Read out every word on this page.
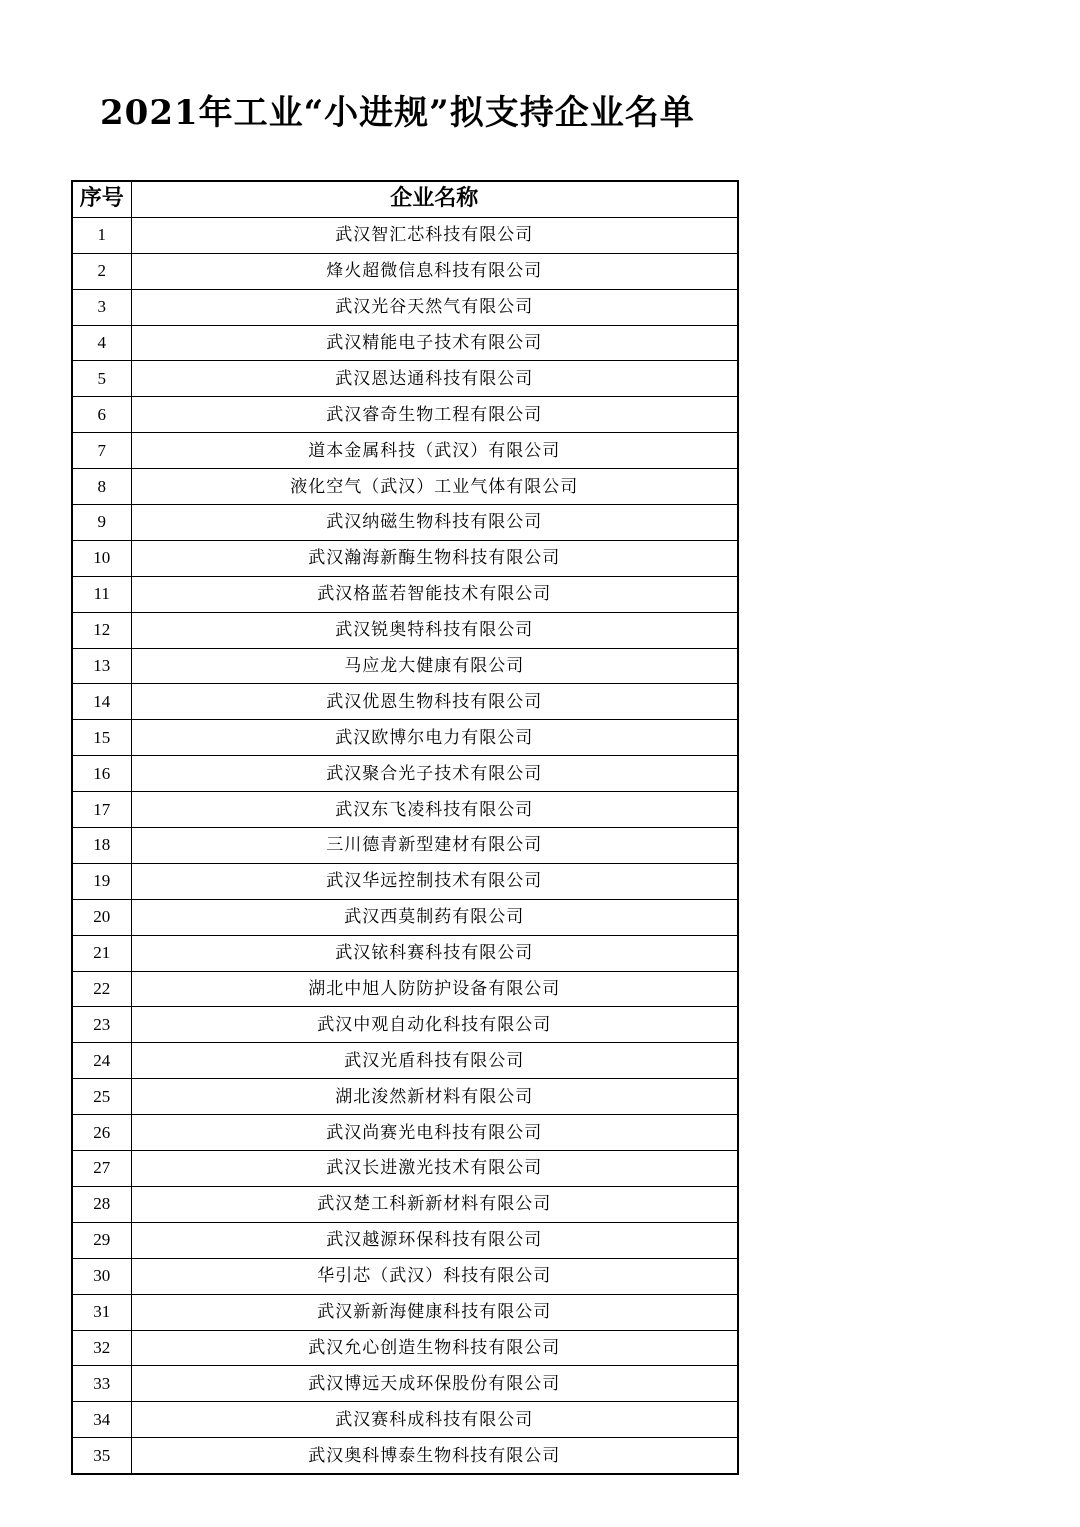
2021年工业“小进规”拟支持企业名单
序号	企业名称
1	武汉智汇芯科技有限公司
2	烽火超微信息科技有限公司
3	武汉光谷天然气有限公司
4	武汉精能电子技术有限公司
5	武汉恩达通科技有限公司
6	武汉睿奇生物工程有限公司
7	道本金属科技（武汉）有限公司
8	液化空气（武汉）工业气体有限公司
9	武汉纳磁生物科技有限公司
10	武汉瀚海新酶生物科技有限公司
11	武汉格蓝若智能技术有限公司
12	武汉锐奥特科技有限公司
13	马应龙大健康有限公司
14	武汉优恩生物科技有限公司
15	武汉欧博尔电力有限公司
16	武汉聚合光子技术有限公司
17	武汉东飞凌科技有限公司
18	三川德青新型建材有限公司
19	武汉华远控制技术有限公司
20	武汉西莫制药有限公司
21	武汉铱科赛科技有限公司
22	湖北中旭人防防护设备有限公司
23	武汉中观自动化科技有限公司
24	武汉光盾科技有限公司
25	湖北浚然新材料有限公司
26	武汉尚赛光电科技有限公司
27	武汉长进激光技术有限公司
28	武汉楚工科新新材料有限公司
29	武汉越源环保科技有限公司
30	华引芯（武汉）科技有限公司
31	武汉新新海健康科技有限公司
32	武汉允心创造生物科技有限公司
33	武汉博远天成环保股份有限公司
34	武汉赛科成科技有限公司
35	武汉奥科博泰生物科技有限公司
